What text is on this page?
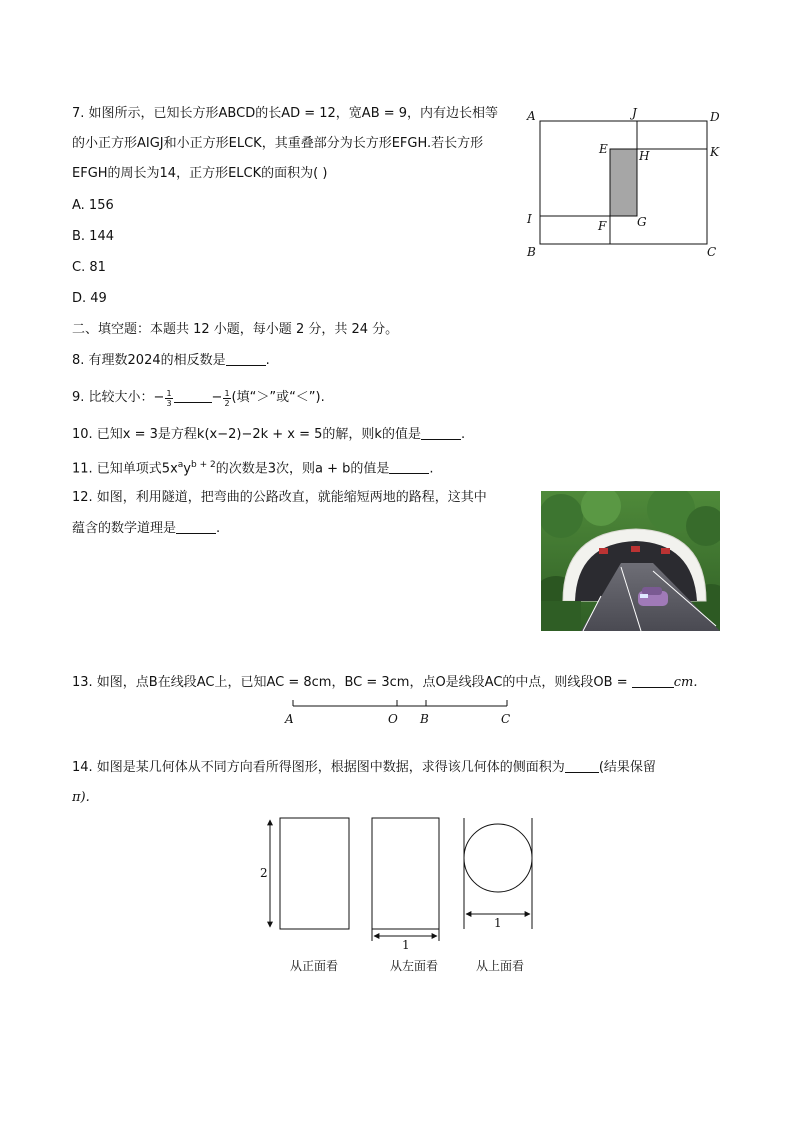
7. 如图所示，已知长方形ABCD的长AD = 12，宽AB = 9，内有边长相等
的小正方形AIGJ和小正方形ELCK，其重叠部分为长方形EFGH.若长方形
EFGH的周长为14，正方形ELCK的面积为( )
A. 156
B. 144
C. 81
D. 49
A	J	D
E	H	K
I	F	G
B	C
二、填空题：本题共 12 小题，每小题 2 分，共 24 分。
8. 有理数2024的相反数是	.
9. 比较大小：− $\frac{1}{3}$	− $\frac{1}{2}$ (填“＞”或“＜”).
10. 已知x = 3是方程k(x−2)−2k + x = 5的解，则k的值是	.
11. 已知单项式$5x^ay^{b + 2}$的次数是3次，则a + b的值是	.
12. 如图，利用隧道，把弯曲的公路改直，就能缩短两地的路程，这其中
蕴含的数学道理是	.
13. 如图，点B在线段AC上，已知AC = 8cm，BC = 3cm，点O是线段AC的中点，则线段OB =	cm.
A	O B	C
14. 如图是某几何体从不同方向看所得图形，根据图中数据，求得该几何体的侧面积为	(结果保留
π).
2
1
1
从正面看	从左面看	从上面看
